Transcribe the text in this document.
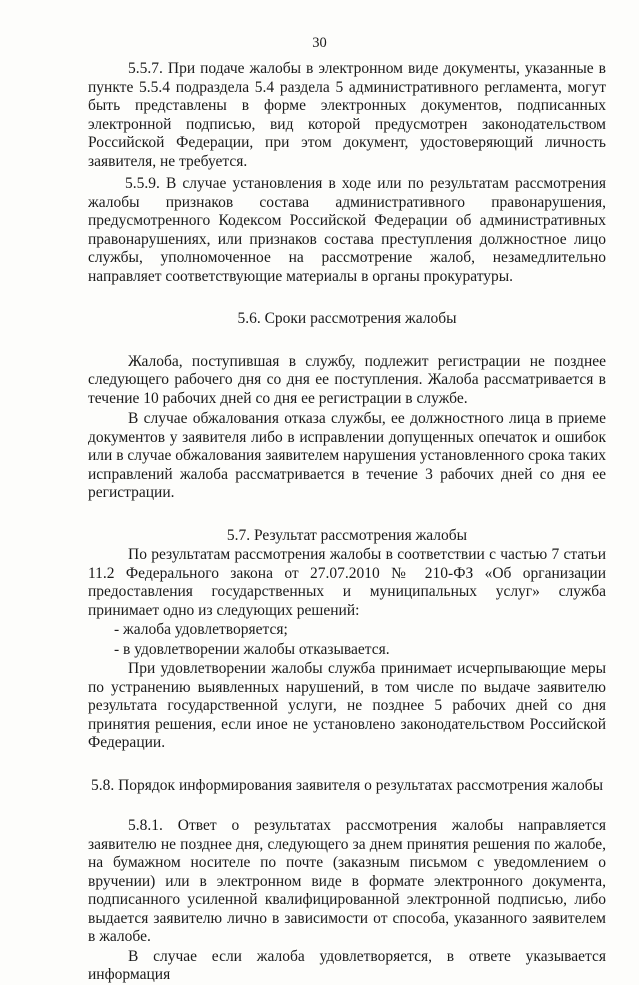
30

5.5.7. При подаче жалобы в электронном виде документы, указанные в пункте 5.5.4 подраздела 5.4 раздела 5 административного регламента, могут быть представлены в форме электронных документов, подписанных электронной подписью, вид которой предусмотрен законодательством Российской Федерации, при этом документ, удостоверяющий личность заявителя, не требуется.

5.5.9. В случае установления в ходе или по результатам рассмотрения жалобы признаков состава административного правонарушения, предусмотренного Кодексом Российской Федерации об административных правонарушениях, или признаков состава преступления должностное лицо службы, уполномоченное на рассмотрение жалоб, незамедлительно направляет соответствующие материалы в органы прокуратуры.

5.6. Сроки рассмотрения жалобы

Жалоба, поступившая в службу, подлежит регистрации не позднее следующего рабочего дня со дня ее поступления. Жалоба рассматривается в течение 10 рабочих дней со дня ее регистрации в службе.

В случае обжалования отказа службы, ее должностного лица в приеме документов у заявителя либо в исправлении допущенных опечаток и ошибок или в случае обжалования заявителем нарушения установленного срока таких исправлений жалоба рассматривается в течение 3 рабочих дней со дня ее регистрации.

5.7. Результат рассмотрения жалобы

По результатам рассмотрения жалобы в соответствии с частью 7 статьи 11.2 Федерального закона от 27.07.2010 № 210-ФЗ «Об организации предоставления государственных и муниципальных услуг» служба принимает одно из следующих решений:

- жалоба удовлетворяется;

- в удовлетворении жалобы отказывается.

При удовлетворении жалобы служба принимает исчерпывающие меры по устранению выявленных нарушений, в том числе по выдаче заявителю результата государственной услуги, не позднее 5 рабочих дней со дня принятия решения, если иное не установлено законодательством Российской Федерации.

5.8. Порядок информирования заявителя о результатах рассмотрения жалобы

5.8.1. Ответ о результатах рассмотрения жалобы направляется заявителю не позднее дня, следующего за днем принятия решения по жалобе, на бумажном носителе по почте (заказным письмом с уведомлением о вручении) или в электронном виде в формате электронного документа, подписанного усиленной квалифицированной электронной подписью, либо выдается заявителю лично в зависимости от способа, указанного заявителем в жалобе.

В случае если жалоба удовлетворяется, в ответе указывается информация
